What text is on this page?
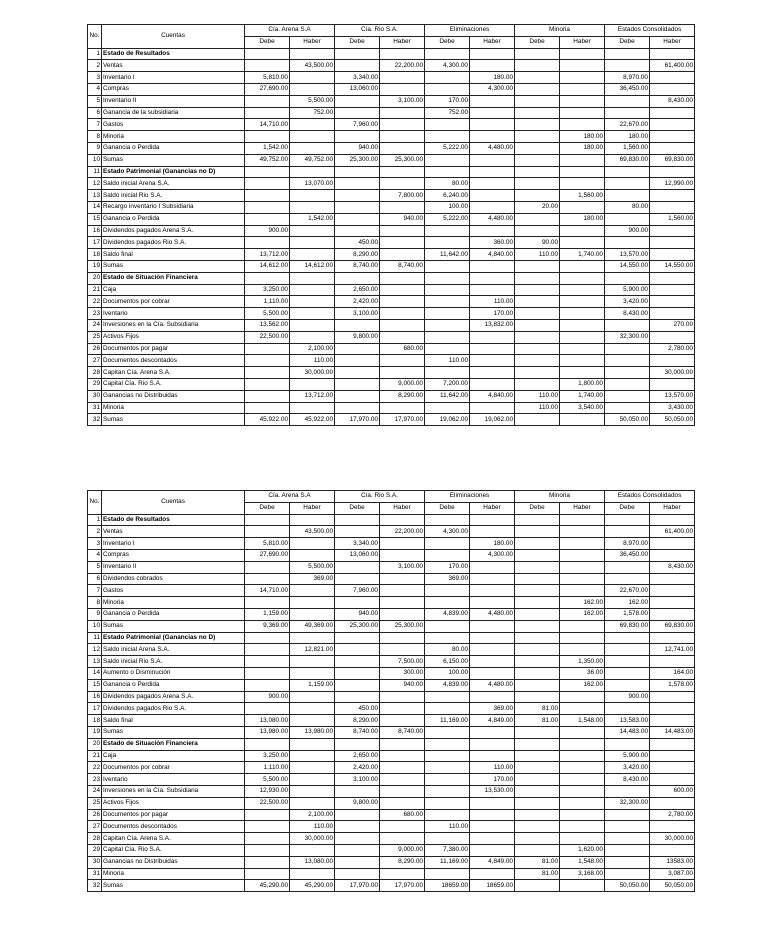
No.	Cuentas	Cía. Arena S.A		Cía. Rio S.A.		Eliminaciones		Minoria		Estados Consolidados	
		Debe	Haber	Debe	Haber	Debe	Haber	Debe	Haber	Debe	Haber
1	Estado de Resultados										
2	Ventas		43,500.00		22,200.00	4,300.00					61,400.00
3	Inventario I	5,810.00		3,340.00			180.00			8,970.00	
4	Compras	27,690.00		13,060.00			4,300.00			36,450.00	
5	Inventario II		5,500.00		3,100.00	170.00					8,430.00
6	Ganancia de la subsidiaria		752.00			752.00					
7	Gastos	14,710.00		7,960.00						22,670.00	
8	Minoria								180.00	180.00	
9	Ganancia o Perdida	1,542.00		940.00		5,222.00	4,480.00		180.00	1,560.00	
10	Sumas	49,752.00	49,752.00	25,300.00	25,300.00					69,830.00	69,830.00
11	Estado Patrimonial (Ganancias no D)										
12	Saldo inicial Arena S.A.		13,070.00			80.00					12,990.00
13	Saldo inicial Rio S.A.				7,800.00	6,240.00			1,560.00		
14	Recargo inventario I Subsidiaria					100.00		20.00		80.00	
15	Ganancia o Perdida		1,542.00		940.00	5,222.00	4,480.00		180.00		1,560.00
16	Dividendos pagados Arena S.A.	900.00								900.00	
17	Dividendos pagados Rio S.A.			450.00			360.00	90.00			
18	Saldo final	13,712.00		8,290.00		11,642.00	4,840.00	110.00	1,740.00	13,570.00	
19	Sumas	14,612.00	14,612.00	8,740.00	8,740.00					14,550.00	14,550.00
20	Estado de Situación Financiera										
21	Caja	3,250.00		2,650.00						5,900.00	
22	Documentos por cobrar	1,110.00		2,420.00			110.00			3,420.00	
23	Iventario	5,500.00		3,100.00			170.00			8,430.00	
24	Inversiones en la Cía. Subsidiaria	13,562.00					13,832.00				270.00
25	Activos Fijos	22,500.00		9,800.00						32,300.00	
26	Documentos por pagar		2,100.00		680.00						2,780.00
27	Documentos descontados		110.00			110.00					
28	Capitan Cía. Arena S.A.		30,000.00								30,000.00
29	Capital Cía. Rio S.A.				9,000.00	7,200.00			1,800.00		
30	Ganancias no Distribuidas		13,712.00		8,290.00	11,642.00	4,840.00	110.00	1,740.00		13,570.00
31	Minoria							110.00	3,540.00		3,430.00
32	Sumas	45,922.00	45,922.00	17,970.00	17,970.00	19,062.00	19,062.00			50,050.00	50,050.00
No.	Cuentas	Cía. Arena S.A		Cía. Rio S.A.		Eliminaciones		Minoria		Estados Consolidados	
		Debe	Haber	Debe	Haber	Debe	Haber	Debe	Haber	Debe	Haber
1	Estado de Resultados										
2	Ventas		43,500.00		22,200.00	4,300.00					61,400.00
3	Inventario I	5,810.00		3,340.00			180.00			8,970.00	
4	Compras	27,690.00		13,060.00			4,300.00			36,450.00	
5	Inventario II		5,500.00		3,100.00	170.00					8,430.00
6	Dividendos cobrados		369.00			369.00					
7	Gastos	14,710.00		7,960.00						22,670.00	
8	Minoria								162.00	162.00	
9	Ganancia o Perdida	1,159.00		940.00		4,839.00	4,480.00		162.00	1,578.00	
10	Sumas	9,369.00	49,369.00	25,300.00	25,300.00					69,830.00	69,830.00
11	Estado Patrimonial (Ganancias no D)										
12	Saldo inicial Arena S.A.		12,821.00			80.00					12,741.00
13	Saldo inicial Rio S.A.				7,500.00	6,150.00			1,350.00		
14	Aumento o Disminución				300.00	100.00			36.00		164.00
15	Ganancia o Perdida		1,159.00		940.00	4,839.00	4,480.00		162.00		1,578.00
16	Dividendos pagados Arena S.A.	900.00								900.00	
17	Dividendos pagados Rio S.A.			450.00			369.00	81.00			
18	Saldo final	13,080.00		8,290.00		11,169.00	4,849.00	81.00	1,548.00	13,583.00	
19	Sumas	13,980.00	13,980.00	8,740.00	8,740.00					14,483.00	14,483.00
20	Estado de Situación Financiera										
21	Caja	3,250.00		2,650.00						5,900.00	
22	Documentos por cobrar	1,110.00		2,420.00			110.00			3,420.00	
23	Iventario	5,500.00		3,100.00			170.00			8,430.00	
24	Inversiones en la Cía. Subsidiaria	12,930.00					13,530.00				600.00
25	Activos Fijos	22,500.00		9,800.00						32,300.00	
26	Documentos por pagar		2,100.00		680.00						2,780.00
27	Documentos descontados		110.00			110.00					
28	Capitan Cía. Arena S.A.		30,000.00								30,000.00
29	Capital Cía. Rio S.A.				9,000.00	7,380.00			1,620.00		
30	Ganancias no Distribuidas		13,080.00		8,290.00	11,169.00	4,849.00	81.00	1,548.00		13583.00
31	Minoria							81.00	3,168.00		3,087.00
32	Sumas	45,290.00	45,290.00	17,970.00	17,970.00	18659.00	18659.00			50,050.00	50,050.00
